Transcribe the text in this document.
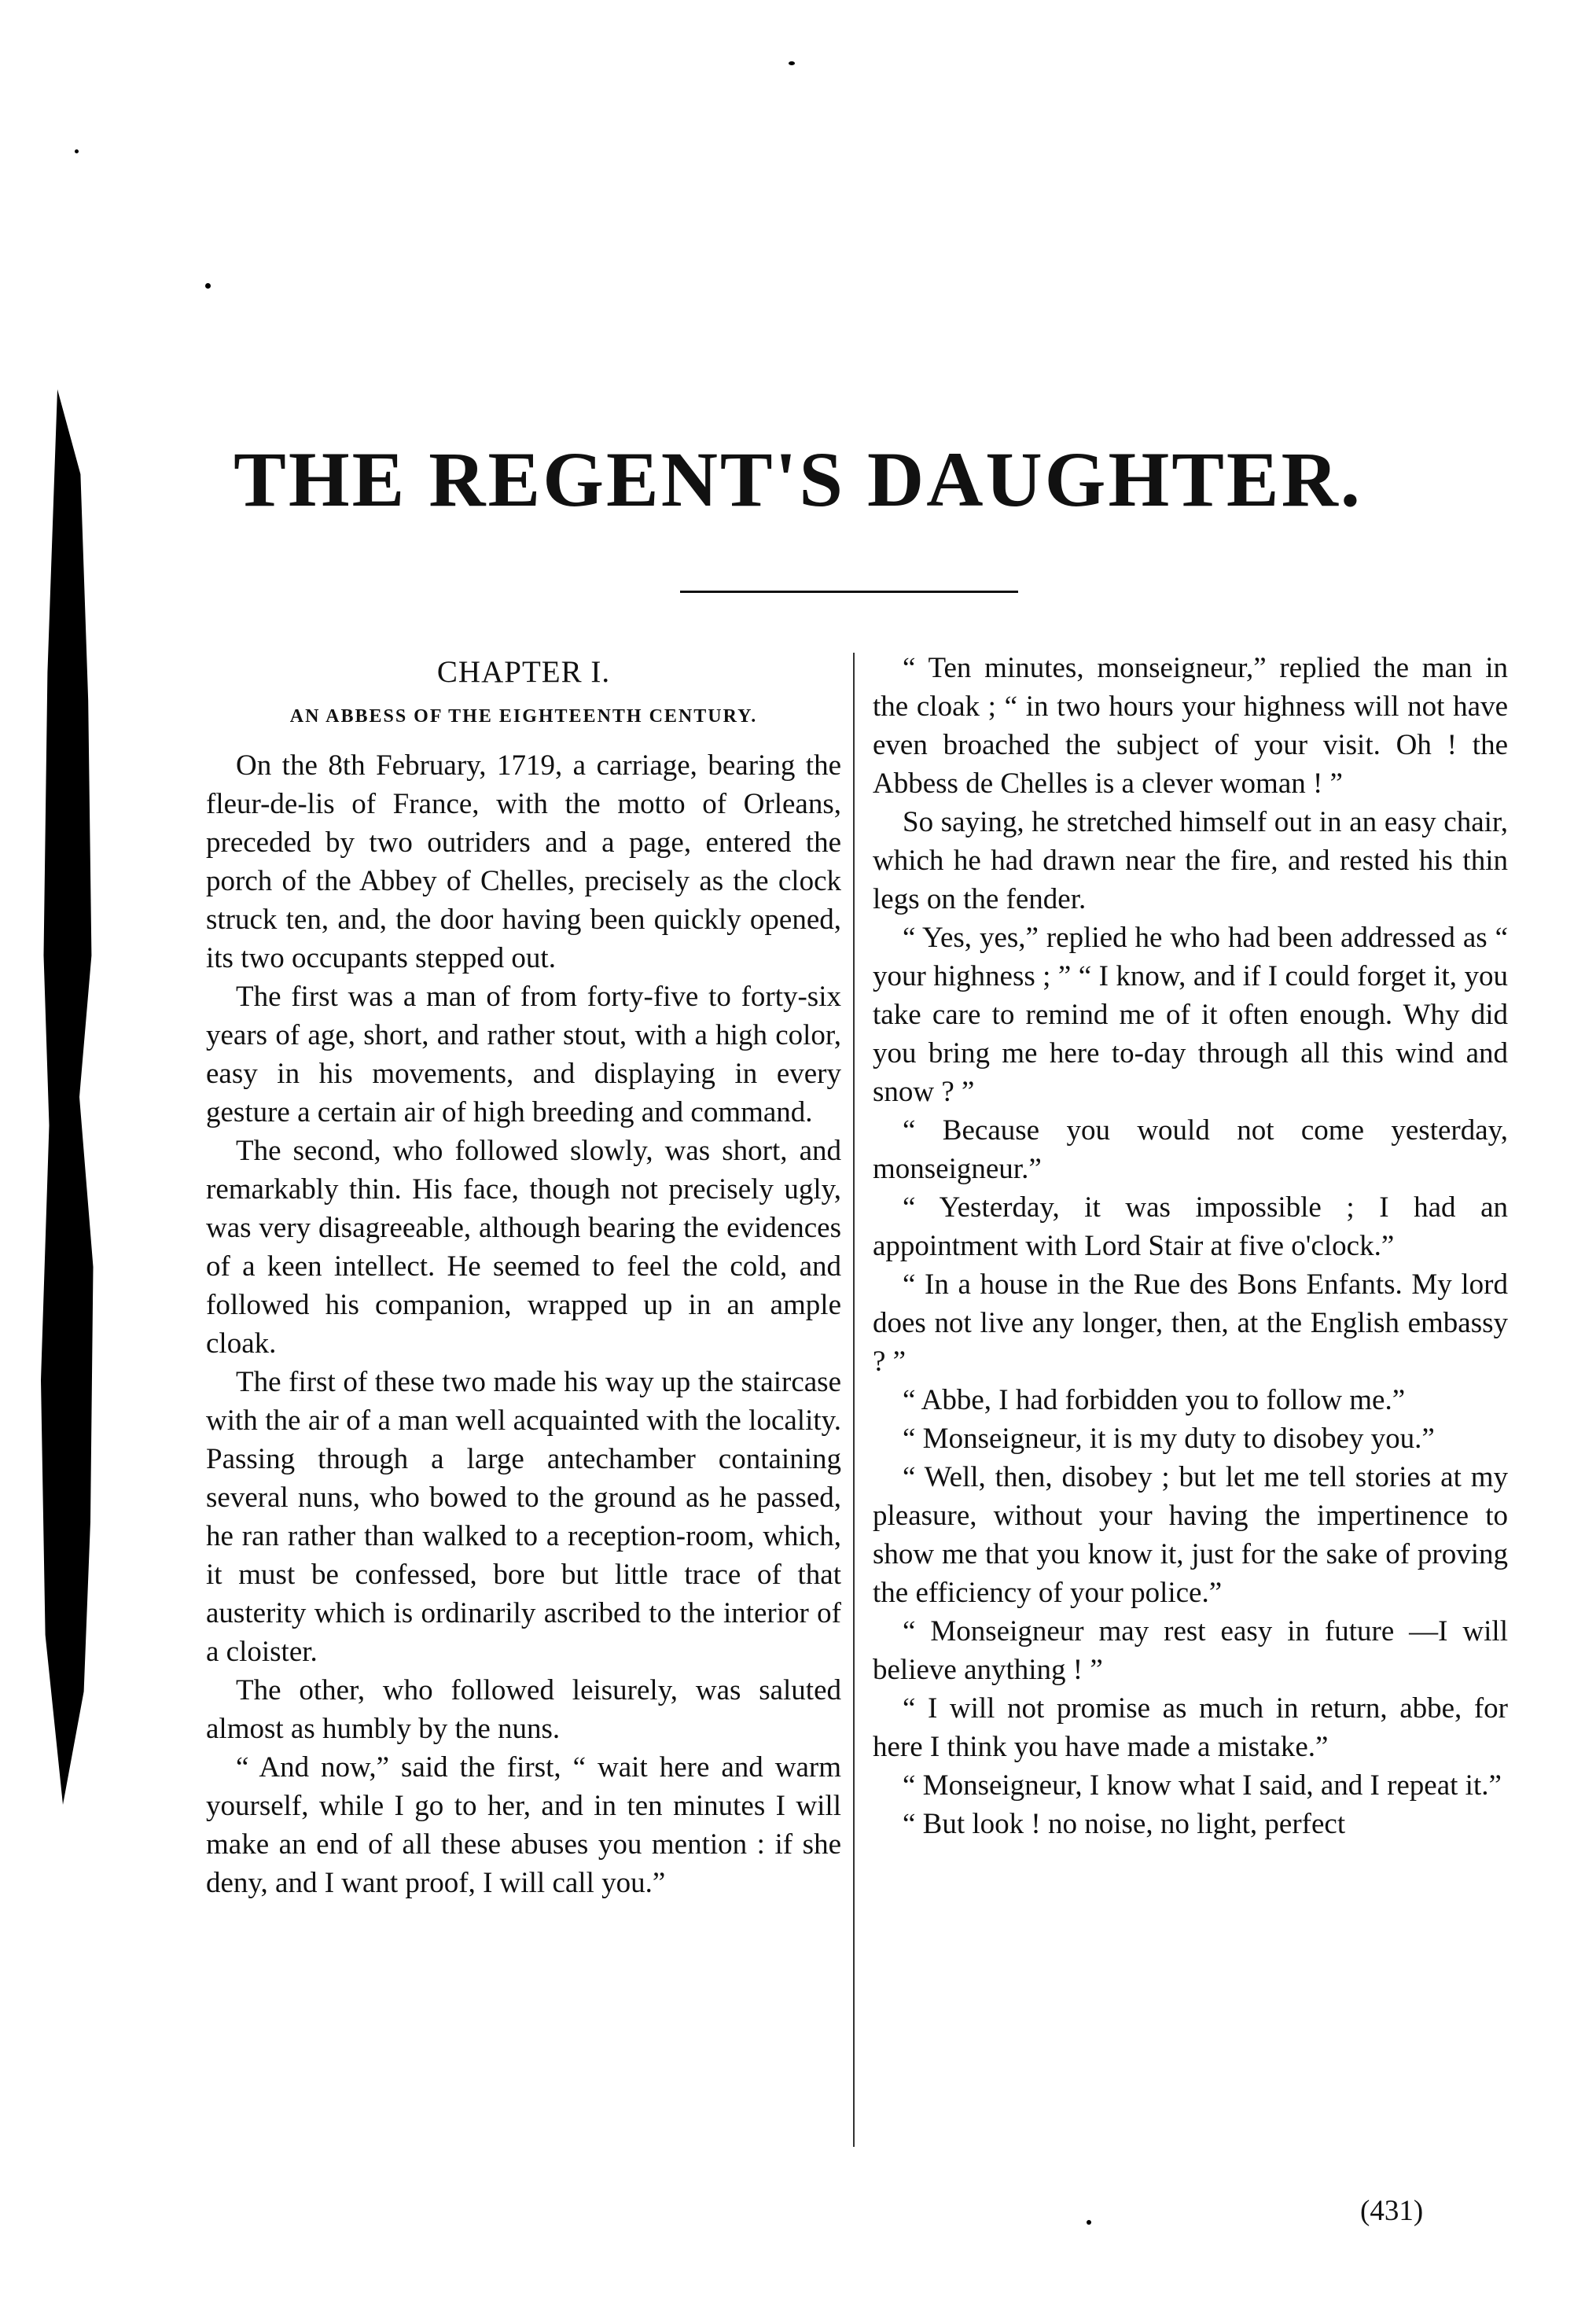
THE REGENT'S DAUGHTER.
CHAPTER I.
AN ABBESS OF THE EIGHTEENTH CENTURY.

On the 8th February, 1719, a carriage, bearing the fleur-de-lis of France, with the motto of Orleans, preceded by two outriders and a page, entered the porch of the Abbey of Chelles, precisely as the clock struck ten, and, the door having been quickly opened, its two occupants stepped out.

The first was a man of from forty-five to forty-six years of age, short, and rather stout, with a high color, easy in his movements, and displaying in every gesture a certain air of high breeding and command.

The second, who followed slowly, was short, and remarkably thin. His face, though not precisely ugly, was very disagreeable, although bearing the evidences of a keen intellect. He seemed to feel the cold, and followed his companion, wrapped up in an ample cloak.

The first of these two made his way up the staircase with the air of a man well acquainted with the locality. Passing through a large antechamber containing several nuns, who bowed to the ground as he passed, he ran rather than walked to a reception-room, which, it must be confessed, bore but little trace of that austerity which is ordinarily ascribed to the interior of a cloister.

The other, who followed leisurely, was saluted almost as humbly by the nuns.

“ And now,” said the first, “ wait here and warm yourself, while I go to her, and in ten minutes I will make an end of all these abuses you mention : if she deny, and I want proof, I will call you.”

“ Ten minutes, monseigneur,” replied the man in the cloak ; “ in two hours your highness will not have even broached the subject of your visit. Oh ! the Abbess de Chelles is a clever woman ! ”

So saying, he stretched himself out in an easy chair, which he had drawn near the fire, and rested his thin legs on the fender.

“ Yes, yes,” replied he who had been addressed as “ your highness ; ” “ I know, and if I could forget it, you take care to remind me of it often enough. Why did you bring me here to-day through all this wind and snow ? ”

“ Because you would not come yesterday, monseigneur.”

“ Yesterday, it was impossible ; I had an appointment with Lord Stair at five o'clock.”

“ In a house in the Rue des Bons Enfants. My lord does not live any longer, then, at the English embassy ? ”

“ Abbe, I had forbidden you to follow me.”

“ Monseigneur, it is my duty to disobey you.”

“ Well, then, disobey ; but let me tell stories at my pleasure, without your having the impertinence to show me that you know it, just for the sake of proving the efficiency of your police.”

“ Monseigneur may rest easy in future —I will believe anything ! ”

“ I will not promise as much in return, abbe, for here I think you have made a mistake.”

“ Monseigneur, I know what I said, and I repeat it.”

“ But look ! no noise, no light, perfect

(431)
